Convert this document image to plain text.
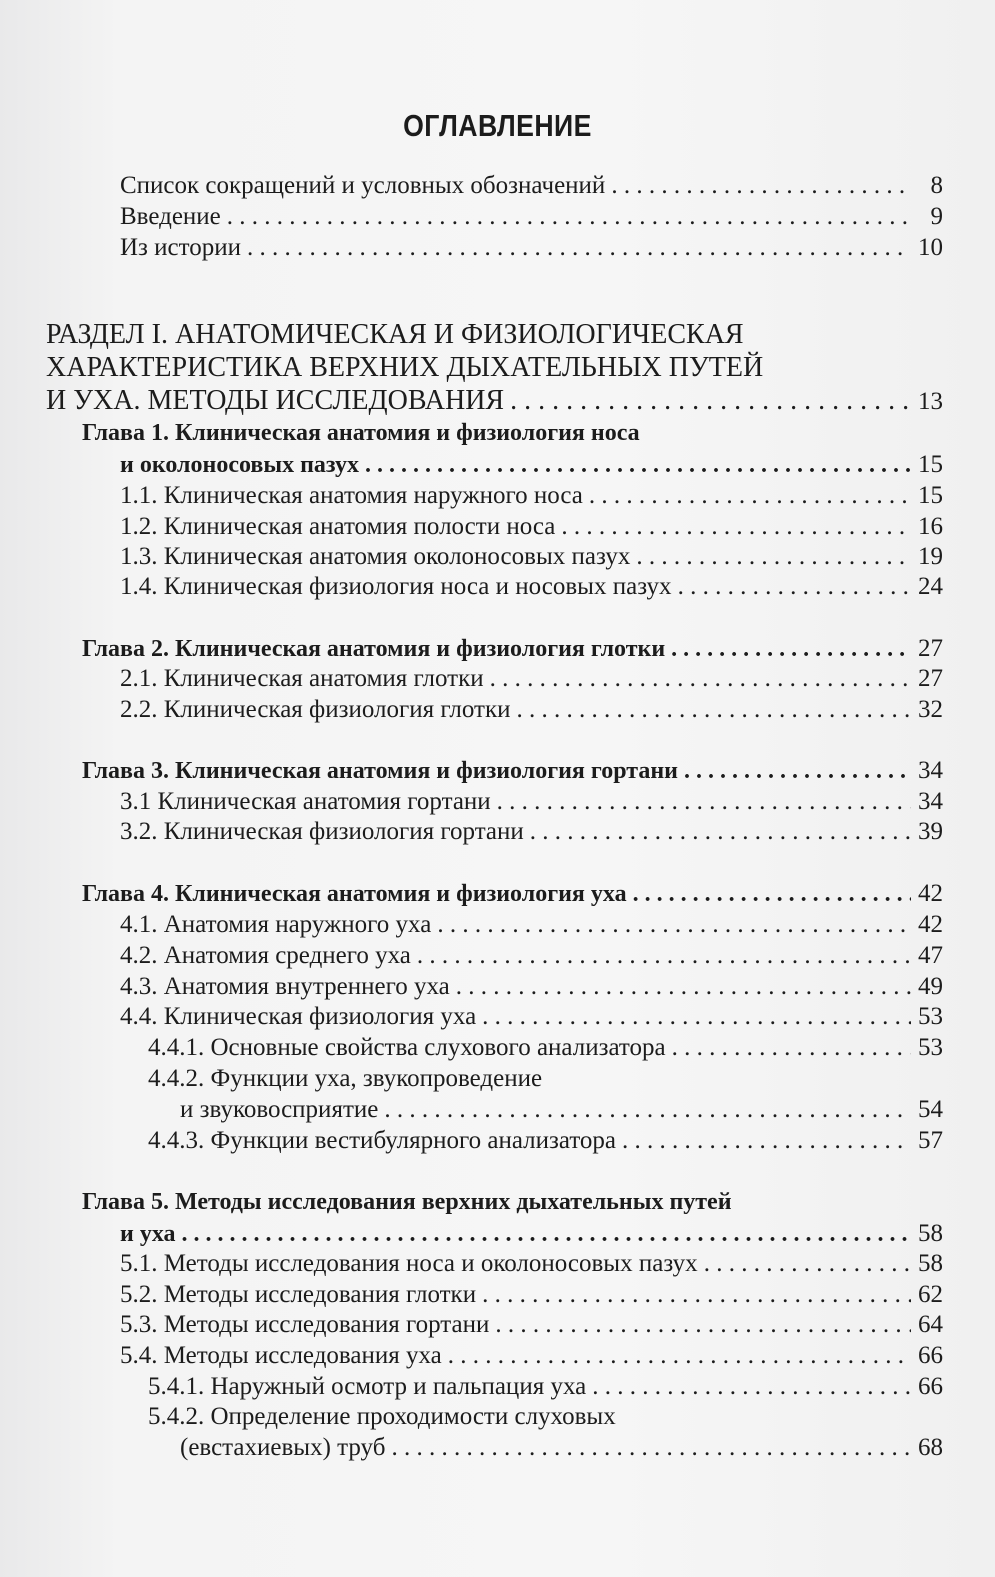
ОГЛАВЛЕНИЕ
Список сокращений и условных обозначений . . .	8
Введение . . .	9
Из истории . . .	10
РАЗДЕЛ I. АНАТОМИЧЕСКАЯ И ФИЗИОЛОГИЧЕСКАЯ
ХАРАКТЕРИСТИКА ВЕРХНИХ ДЫХАТЕЛЬНЫХ ПУТЕЙ
И УХА. МЕТОДЫ ИССЛЕДОВАНИЯ . . .	13
Глава 1. Клиническая анатомия и физиология носа
и околоносовых пазух . . .	15
1.1. Клиническая анатомия наружного носа . . .	15
1.2. Клиническая анатомия полости носа . . .	16
1.3. Клиническая анатомия околоносовых пазух . . .	19
1.4. Клиническая физиология носа и носовых пазух . . .	24
Глава 2. Клиническая анатомия и физиология глотки . . .	27
2.1. Клиническая анатомия глотки . . .	27
2.2. Клиническая физиология глотки . . .	32
Глава 3. Клиническая анатомия и физиология гортани . . .	34
3.1 Клиническая анатомия гортани . . .	34
3.2. Клиническая физиология гортани . . .	39
Глава 4. Клиническая анатомия и физиология уха . . .	42
4.1. Анатомия наружного уха . . .	42
4.2. Анатомия среднего уха . . .	47
4.3. Анатомия внутреннего уха . . .	49
4.4. Клиническая физиология уха . . .	53
4.4.1. Основные свойства слухового анализатора . . .	53
4.4.2. Функции уха, звукопроведение
и звуковосприятие . . .	54
4.4.3. Функции вестибулярного анализатора . . .	57
Глава 5. Методы исследования верхних дыхательных путей
и уха . . .	58
5.1. Методы исследования носа и околоносовых пазух . . .	58
5.2. Методы исследования глотки . . .	62
5.3. Методы исследования гортани . . .	64
5.4. Методы исследования уха . . .	66
5.4.1. Наружный осмотр и пальпация уха . . .	66
5.4.2. Определение проходимости слуховых
(евстахиевых) труб . . .	68
